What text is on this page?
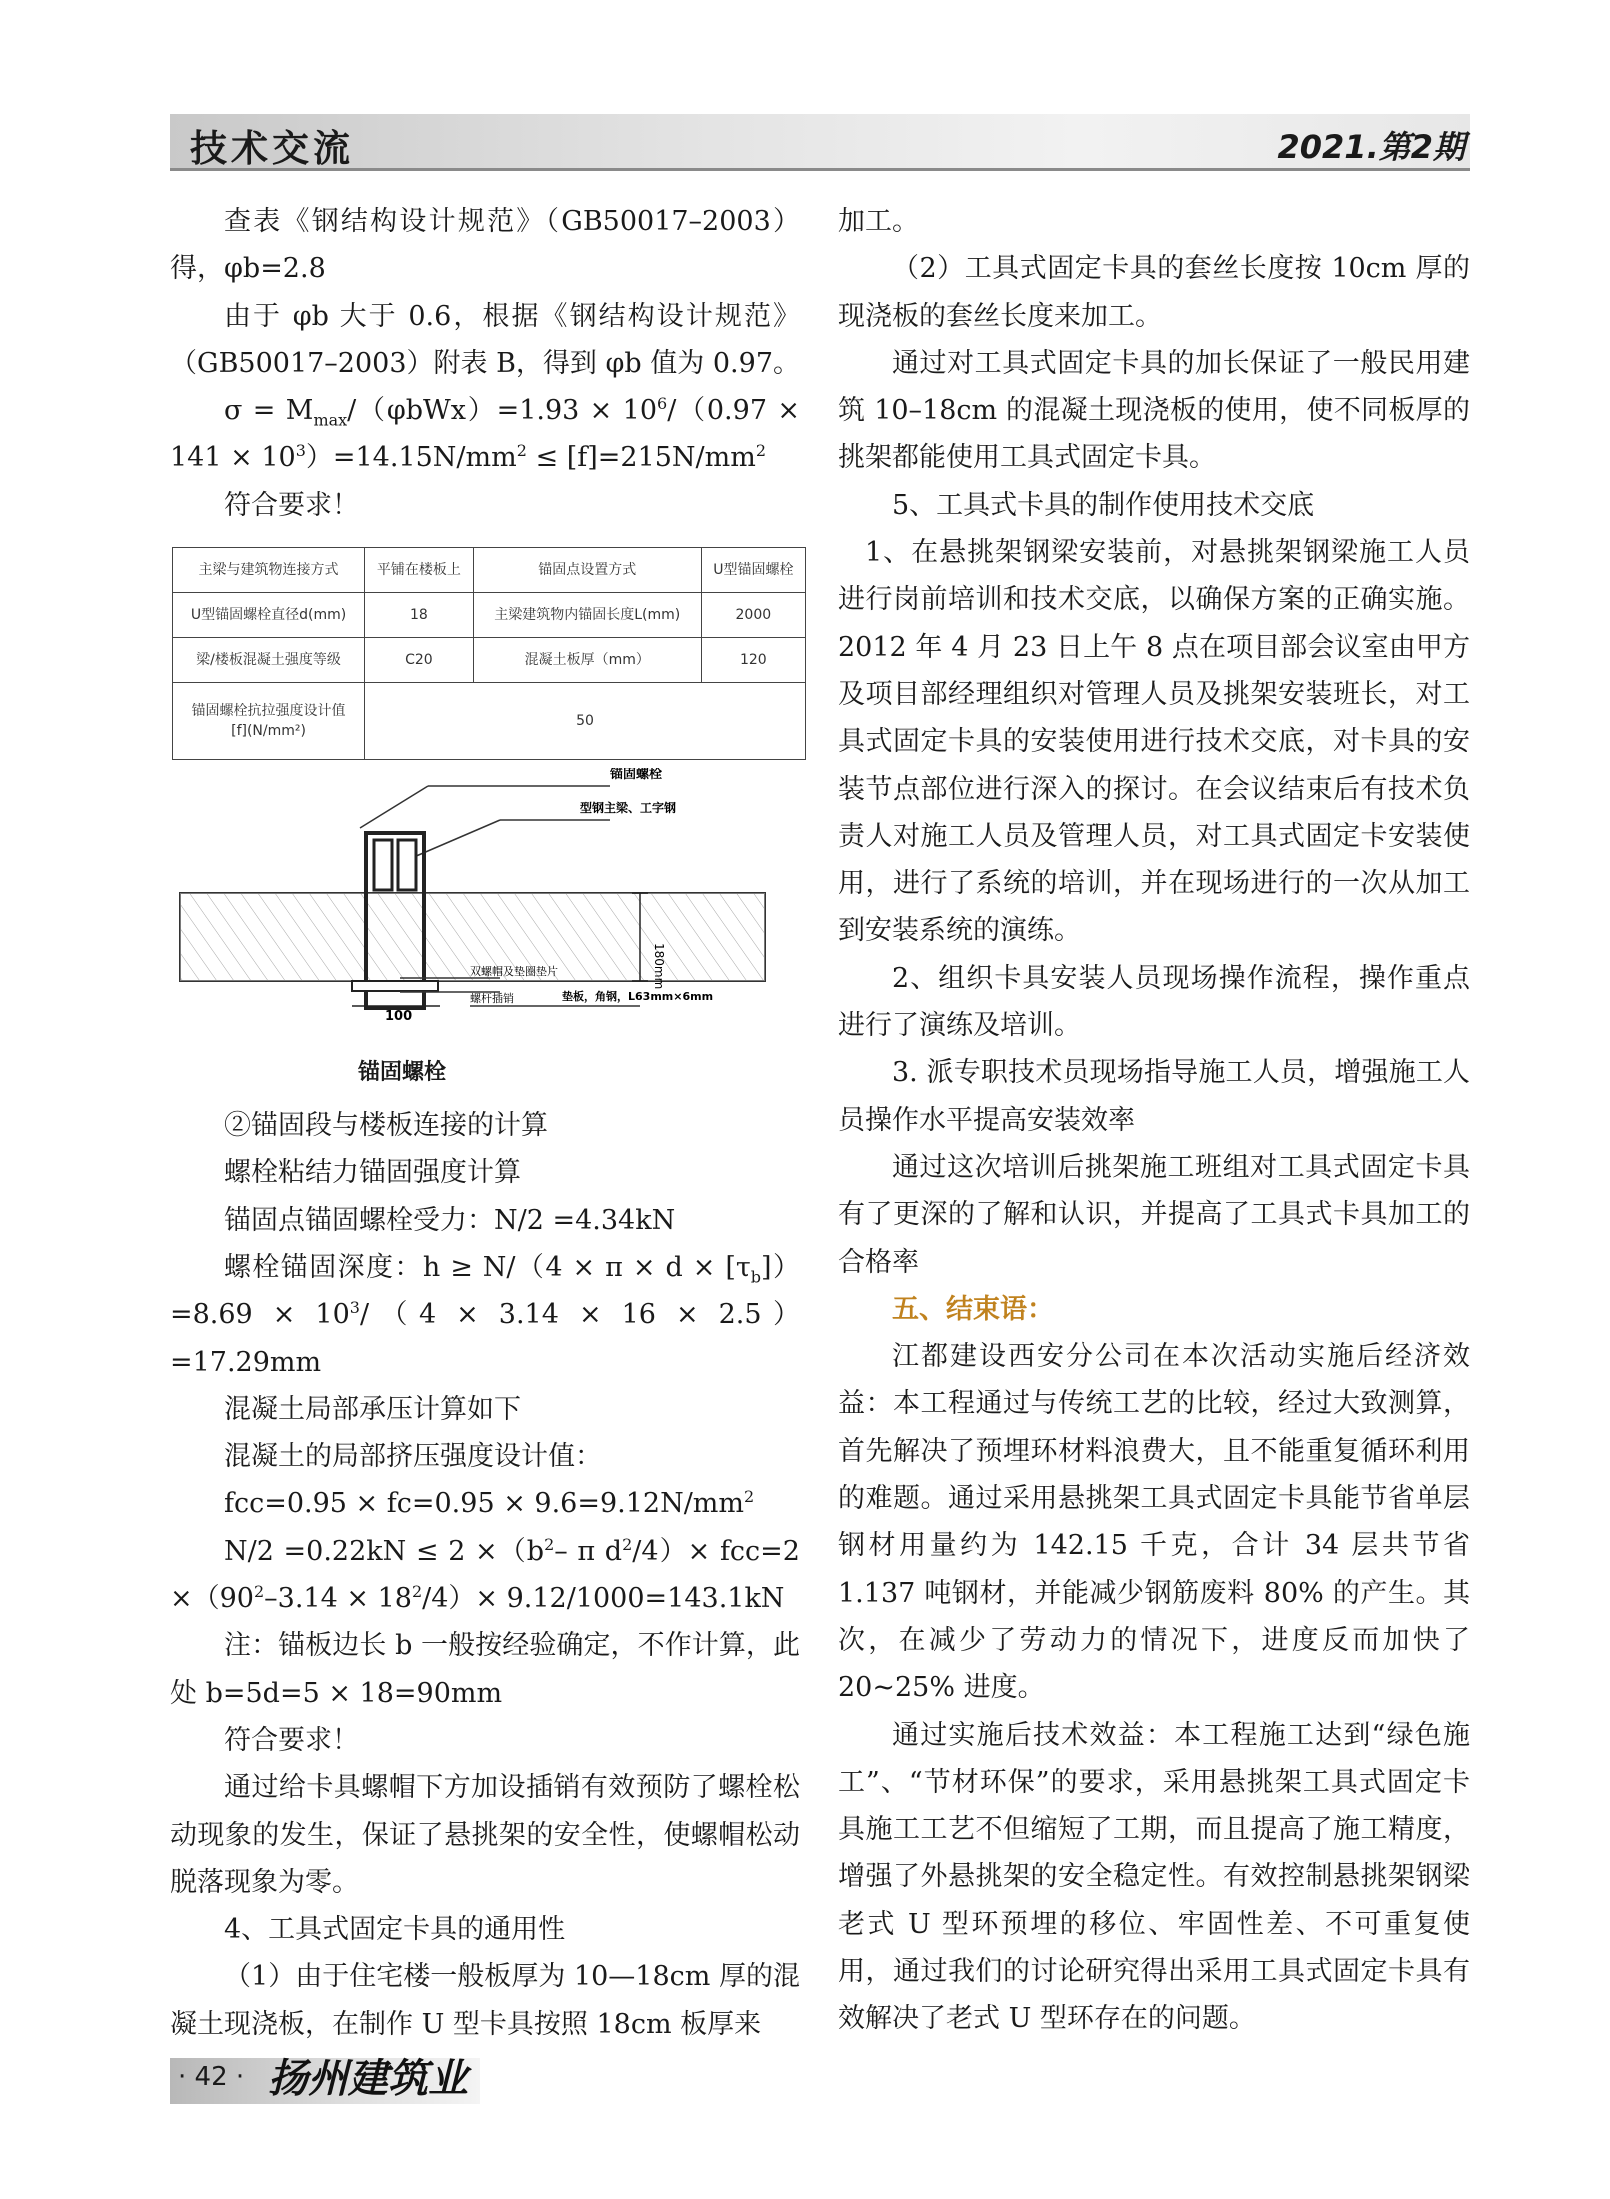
技术交流	2021.第2期

查表《钢结构设计规范》（GB50017–2003）得，φb=2.8

由于 φb 大于 0.6，根据《钢结构设计规范》（GB50017–2003）附表 B，得到 φb 值为 0.97。

$\sigma = M_{max}/(\varphi bWx)=1.93 \times 10^6/(0.97 \times 141 \times 10^3)=14.15N/mm^2 \le [f]=215N/mm^2$

符合要求！

主梁与建筑物连接方式	平铺在楼板上	锚固点设置方式	U型锚固螺栓
U型锚固螺栓直径d(mm)	18	主梁建筑物内锚固长度L(mm)	2000
梁/楼板混凝土强度等级	C20	混凝土板厚（mm）	120
锚固螺栓抗拉强度设计值
[f](N/mm²)	50		
锚固螺栓
型钢主梁、工字钢
180mm
双螺帽及垫圈垫片
螺杆插销	垫板，角钢，L63mm×6mm
100
锚固螺栓

②锚固段与楼板连接的计算

螺栓粘结力锚固强度计算

锚固点锚固螺栓受力：N/2 =4.34kN

螺栓锚固深度：$h \ge N/(4 \times \pi \times d \times [\tau_b])=8.69 \times 10^3/(4 \times 3.14 \times 16 \times 2.5)=17.29mm$

混凝土局部承压计算如下

混凝土的局部挤压强度设计值：

$fcc=0.95 \times fc=0.95 \times 9.6=9.12N/mm^2$

$N/2 =0.22kN \le 2 \times(b^2-$ π $d^2/4)\times fcc=2 \times(90^2-3.14 \times 18^2/4)\times 9.12/1000=143.1kN$

注：锚板边长 b 一般按经验确定，不作计算，此处 b=5d=5 × 18=90mm

符合要求！

通过给卡具螺帽下方加设插销有效预防了螺栓松动现象的发生，保证了悬挑架的安全性，使螺帽松动脱落现象为零。

4、工具式固定卡具的通用性

（1）由于住宅楼一般板厚为 10—18cm 厚的混凝土现浇板，在制作 U 型卡具按照 18cm 板厚来

加工。

（2）工具式固定卡具的套丝长度按 10cm 厚的现浇板的套丝长度来加工。

通过对工具式固定卡具的加长保证了一般民用建筑 10–18cm 的混凝土现浇板的使用，使不同板厚的挑架都能使用工具式固定卡具。

5、工具式卡具的制作使用技术交底

1、在悬挑架钢梁安装前，对悬挑架钢梁施工人员进行岗前培训和技术交底，以确保方案的正确实施。2012 年 4 月 23 日上午 8 点在项目部会议室由甲方及项目部经理组织对管理人员及挑架安装班长，对工具式固定卡具的安装使用进行技术交底，对卡具的安装节点部位进行深入的探讨。在会议结束后有技术负责人对施工人员及管理人员，对工具式固定卡安装使用，进行了系统的培训，并在现场进行的一次从加工到安装系统的演练。

2、组织卡具安装人员现场操作流程，操作重点进行了演练及培训。

3. 派专职技术员现场指导施工人员，增强施工人员操作水平提高安装效率

通过这次培训后挑架施工班组对工具式固定卡具有了更深的了解和认识，并提高了工具式卡具加工的合格率

五、结束语：

江都建设西安分公司在本次活动实施后经济效益：本工程通过与传统工艺的比较，经过大致测算，首先解决了预埋环材料浪费大，且不能重复循环利用的难题。通过采用悬挑架工具式固定卡具能节省单层钢材用量约为 142.15 千克，合计 34 层共节省 1.137 吨钢材，并能减少钢筋废料 80% 的产生。其次，在减少了劳动力的情况下，进度反而加快了 20~25% 进度。

通过实施后技术效益：本工程施工达到“绿色施工”、“节材环保”的要求，采用悬挑架工具式固定卡具施工工艺不但缩短了工期，而且提高了施工精度，增强了外悬挑架的安全稳定性。有效控制悬挑架钢梁老式 U 型环预埋的移位、牢固性差、不可重复使用，通过我们的讨论研究得出采用工具式固定卡具有效解决了老式 U 型环存在的问题。

· 42 · 扬州建筑业
